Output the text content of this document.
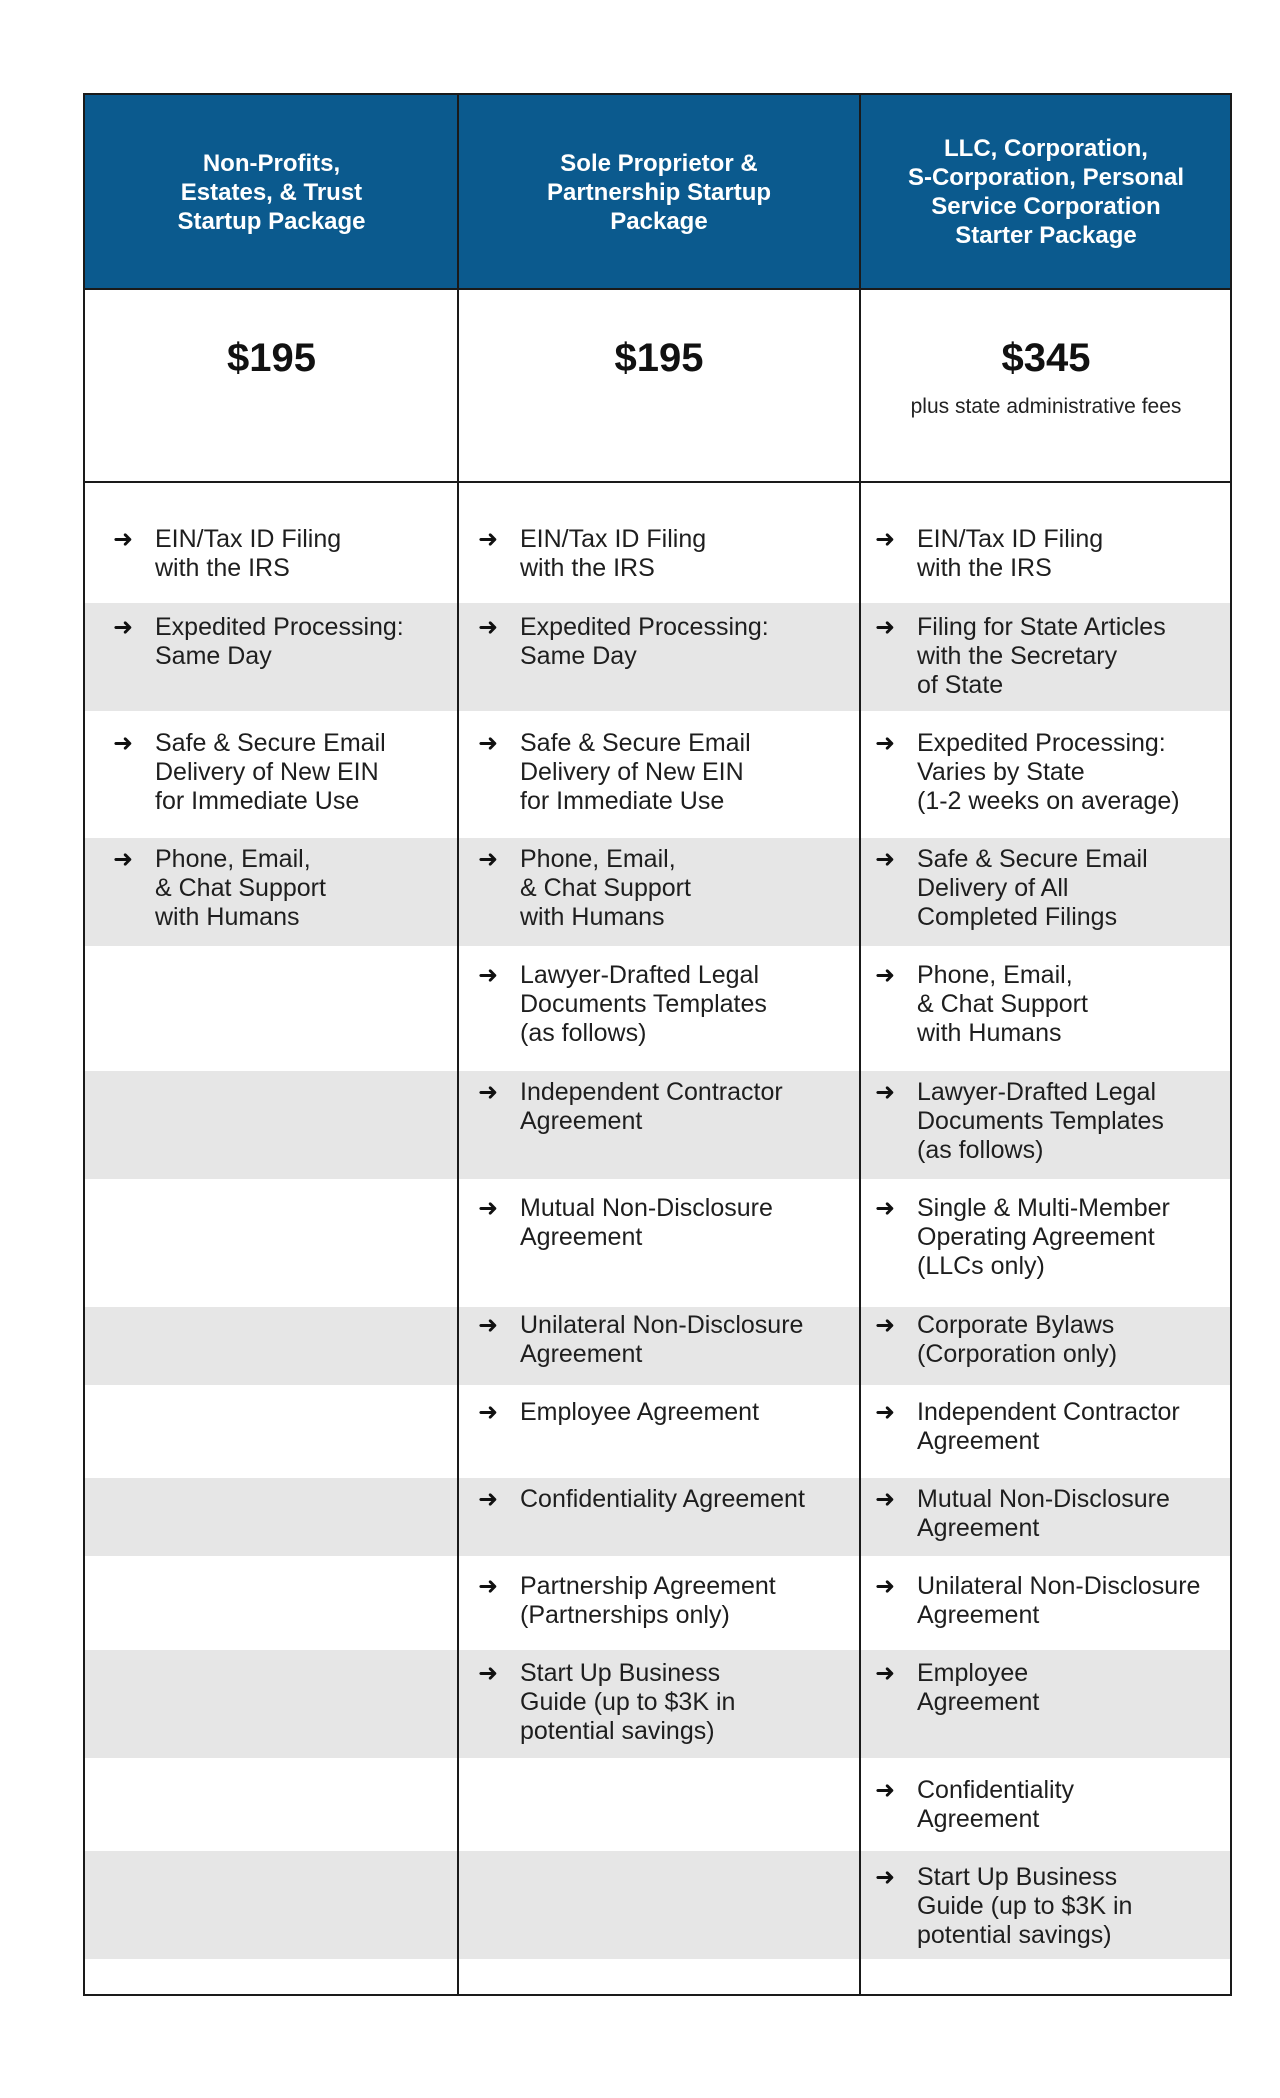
Non-Profits,
Estates, & Trust
Startup Package
Sole Proprietor &
Partnership Startup
Package
LLC, Corporation,
S-Corporation, Personal
Service Corporation
Starter Package
$195	$195	$345
plus state administrative fees
➜ EIN/Tax ID Filing
with the IRS
➜ Expedited Processing:
Same Day
➜ Safe & Secure Email
Delivery of New EIN
for Immediate Use
➜ Phone, Email,
& Chat Support
with Humans
➜ EIN/Tax ID Filing
with the IRS
➜ Expedited Processing:
Same Day
➜ Safe & Secure Email
Delivery of New EIN
for Immediate Use
➜ Phone, Email,
& Chat Support
with Humans
➜ Lawyer-Drafted Legal
Documents Templates
(as follows)
➜ Independent Contractor
Agreement
➜ Mutual Non-Disclosure
Agreement
➜ Unilateral Non-Disclosure
Agreement
➜ Employee Agreement
➜ Confidentiality Agreement
➜ Partnership Agreement
(Partnerships only)
➜ Start Up Business
Guide (up to $3K in
potential savings)
➜ EIN/Tax ID Filing
with the IRS
➜ Filing for State Articles
with the Secretary
of State
➜ Expedited Processing:
Varies by State
(1-2 weeks on average)
➜ Safe & Secure Email
Delivery of All
Completed Filings
➜ Phone, Email,
& Chat Support
with Humans
➜ Lawyer-Drafted Legal
Documents Templates
(as follows)
➜ Single & Multi-Member
Operating Agreement
(LLCs only)
➜ Corporate Bylaws
(Corporation only)
➜ Independent Contractor
Agreement
➜ Mutual Non-Disclosure
Agreement
➜ Unilateral Non-Disclosure
Agreement
➜ Employee
Agreement
➜ Confidentiality
Agreement
➜ Start Up Business
Guide (up to $3K in
potential savings)
